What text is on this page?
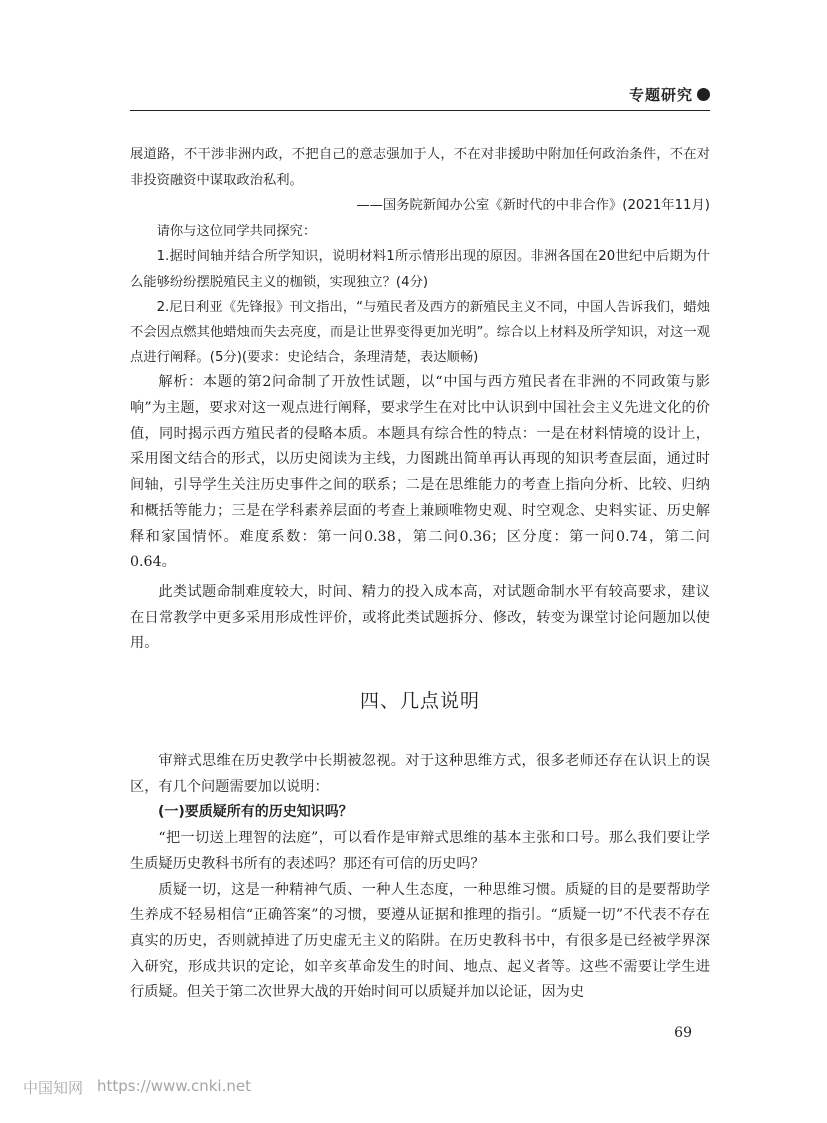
专题研究

展道路，不干涉非洲内政，不把自己的意志强加于人，不在对非援助中附加任何政治条件，不在对非投资融资中谋取政治私利。

——国务院新闻办公室《新时代的中非合作》(2021年11月)

请你与这位同学共同探究：

1.据时间轴并结合所学知识，说明材料1所示情形出现的原因。非洲各国在20世纪中后期为什么能够纷纷摆脱殖民主义的枷锁，实现独立？(4分)

2.尼日利亚《先锋报》刊文指出，“与殖民者及西方的新殖民主义不同，中国人告诉我们，蜡烛不会因点燃其他蜡烛而失去亮度，而是让世界变得更加光明”。综合以上材料及所学知识，对这一观点进行阐释。(5分)(要求：史论结合，条理清楚，表达顺畅)

解析：本题的第2问命制了开放性试题，以“中国与西方殖民者在非洲的不同政策与影响”为主题，要求对这一观点进行阐释，要求学生在对比中认识到中国社会主义先进文化的价值，同时揭示西方殖民者的侵略本质。本题具有综合性的特点：一是在材料情境的设计上，采用图文结合的形式，以历史阅读为主线，力图跳出简单再认再现的知识考查层面，通过时间轴，引导学生关注历史事件之间的联系；二是在思维能力的考查上指向分析、比较、归纳和概括等能力；三是在学科素养层面的考查上兼顾唯物史观、时空观念、史料实证、历史解释和家国情怀。难度系数：第一问0.38，第二问0.36；区分度：第一问0.74，第二问0.64。

此类试题命制难度较大，时间、精力的投入成本高，对试题命制水平有较高要求，建议在日常教学中更多采用形成性评价，或将此类试题拆分、修改，转变为课堂讨论问题加以使用。

四、几点说明

审辩式思维在历史教学中长期被忽视。对于这种思维方式，很多老师还存在认识上的误区，有几个问题需要加以说明：

(一)要质疑所有的历史知识吗？

“把一切送上理智的法庭”，可以看作是审辩式思维的基本主张和口号。那么我们要让学生质疑历史教科书所有的表述吗？那还有可信的历史吗？

质疑一切，这是一种精神气质、一种人生态度，一种思维习惯。质疑的目的是要帮助学生养成不轻易相信“正确答案”的习惯，要遵从证据和推理的指引。“质疑一切”不代表不存在真实的历史，否则就掉进了历史虚无主义的陷阱。在历史教科书中，有很多是已经被学界深入研究，形成共识的定论，如辛亥革命发生的时间、地点、起义者等。这些不需要让学生进行质疑。但关于第二次世界大战的开始时间可以质疑并加以论证，因为史

69
中国知网 https://www.cnki.net
